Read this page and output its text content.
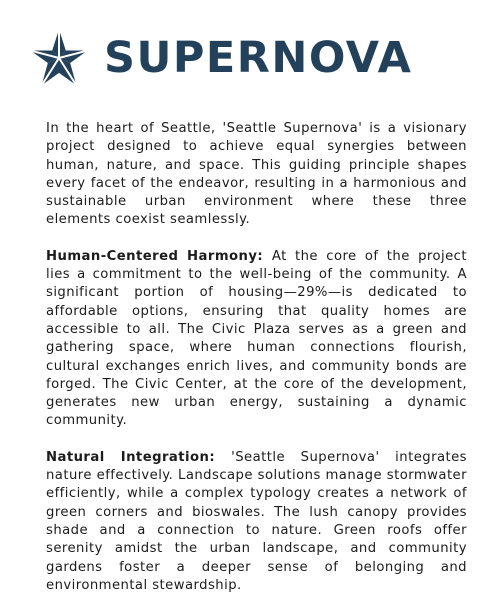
SUPERNOVA

In the heart of Seattle, 'Seattle Supernova' is a visionary project designed to achieve equal synergies between human, nature, and space. This guiding principle shapes every facet of the endeavor, resulting in a harmonious and sustainable urban environment where these three elements coexist seamlessly.

Human-Centered Harmony: At the core of the project lies a commitment to the well-being of the community. A significant portion of housing—29%—is dedicated to affordable options, ensuring that quality homes are accessible to all. The Civic Plaza serves as a green and gathering space, where human connections flourish, cultural exchanges enrich lives, and community bonds are forged. The Civic Center, at the core of the development, generates new urban energy, sustaining a dynamic community.

Natural Integration: 'Seattle Supernova' integrates nature effectively. Landscape solutions manage stormwater efficiently, while a complex typology creates a network of green corners and bioswales. The lush canopy provides shade and a connection to nature. Green roofs offer serenity amidst the urban landscape, and community gardens foster a deeper sense of belonging and environmental stewardship.
